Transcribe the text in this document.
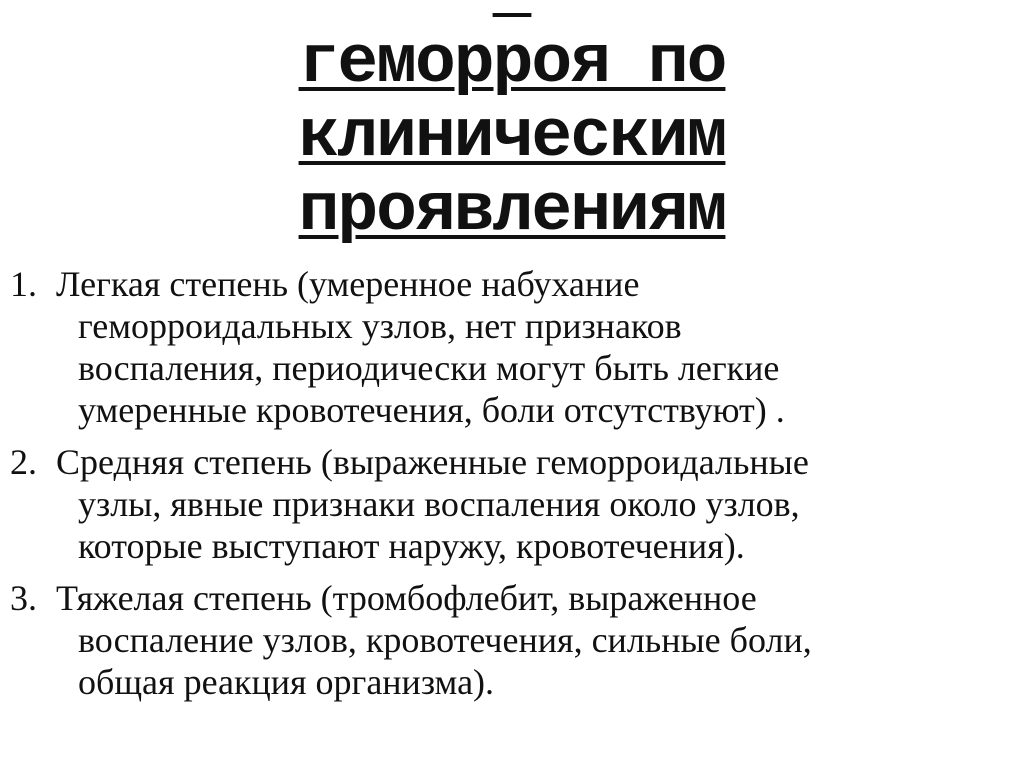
геморроя по
клиническим
проявлениям
1. Легкая степень (умеренное набухание
геморроидальных узлов, нет признаков
воспаления, периодически могут быть легкие
умеренные кровотечения, боли отсутствуют) .
2. Средняя степень (выраженные геморроидальные
узлы, явные признаки воспаления около узлов,
которые выступают наружу, кровотечения).
3. Тяжелая степень (тромбофлебит, выраженное
воспаление узлов, кровотечения, сильные боли,
общая реакция организма).
